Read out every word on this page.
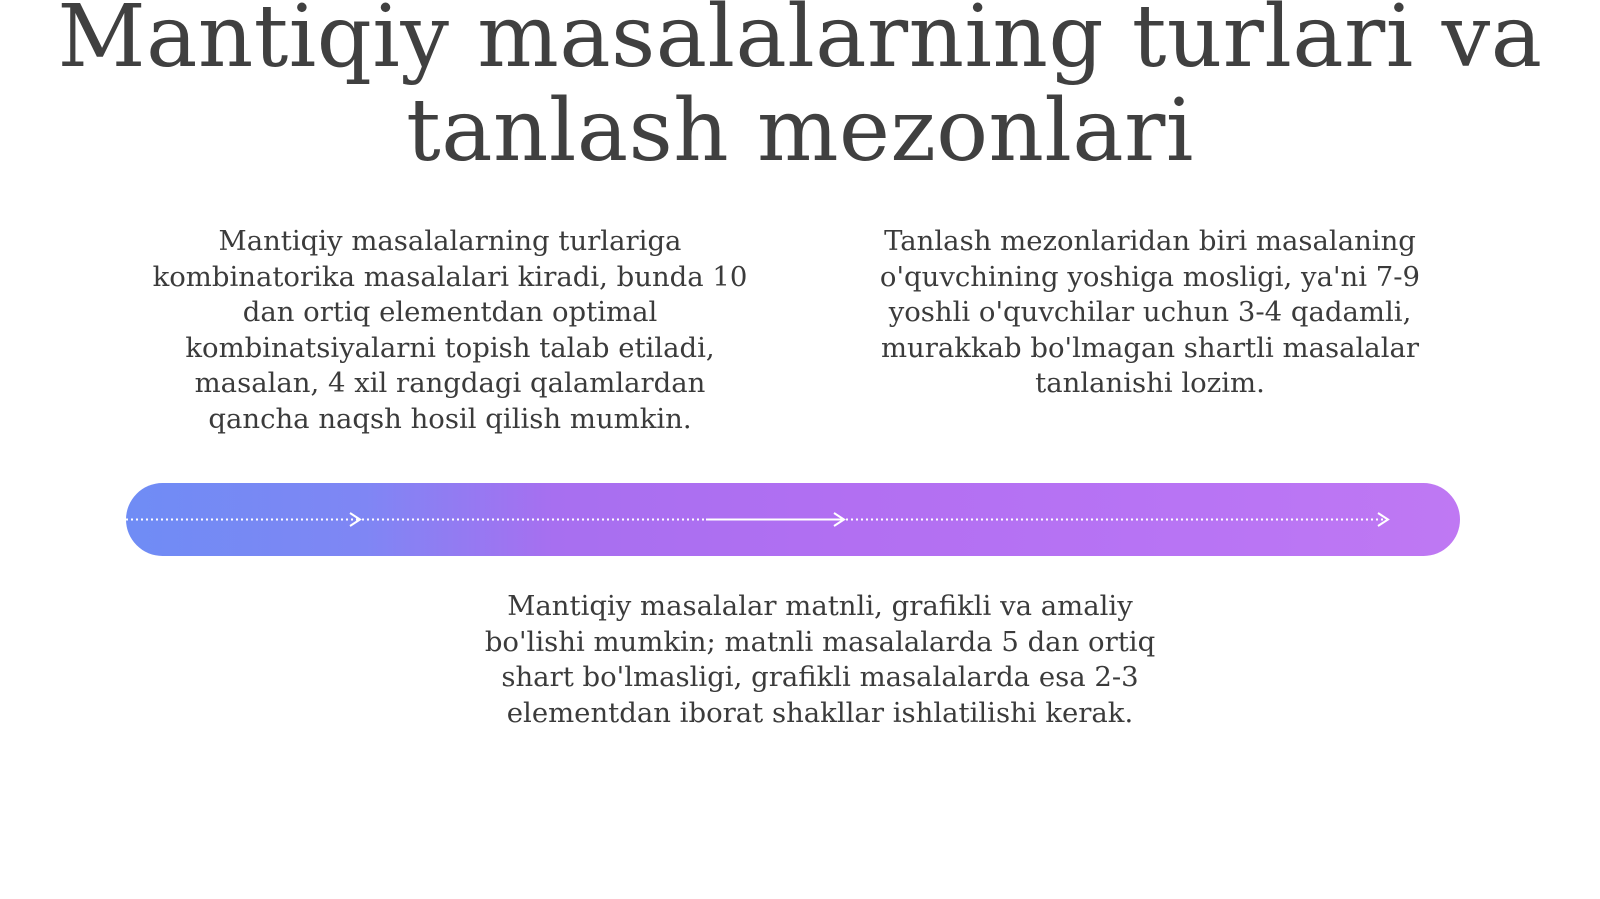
Mantiqiy masalalarning turlari va tanlash mezonlari

Mantiqiy masalalarning turlariga kombinatorika masalalari kiradi, bunda 10 dan ortiq elementdan optimal kombinatsiyalarni topish talab etiladi, masalan, 4 xil rangdagi qalamlardan qancha naqsh hosil qilish mumkin.

Tanlash mezonlaridan biri masalaning o'quvchining yoshiga mosligi, ya'ni 7-9 yoshli o'quvchilar uchun 3-4 qadamli, murakkab bo'lmagan shartli masalalar tanlanishi lozim.

Mantiqiy masalalar matnli, grafikli va amaliy bo'lishi mumkin; matnli masalalarda 5 dan ortiq shart bo'lmasligi, grafikli masalalarda esa 2-3 elementdan iborat shakllar ishlatilishi kerak.
